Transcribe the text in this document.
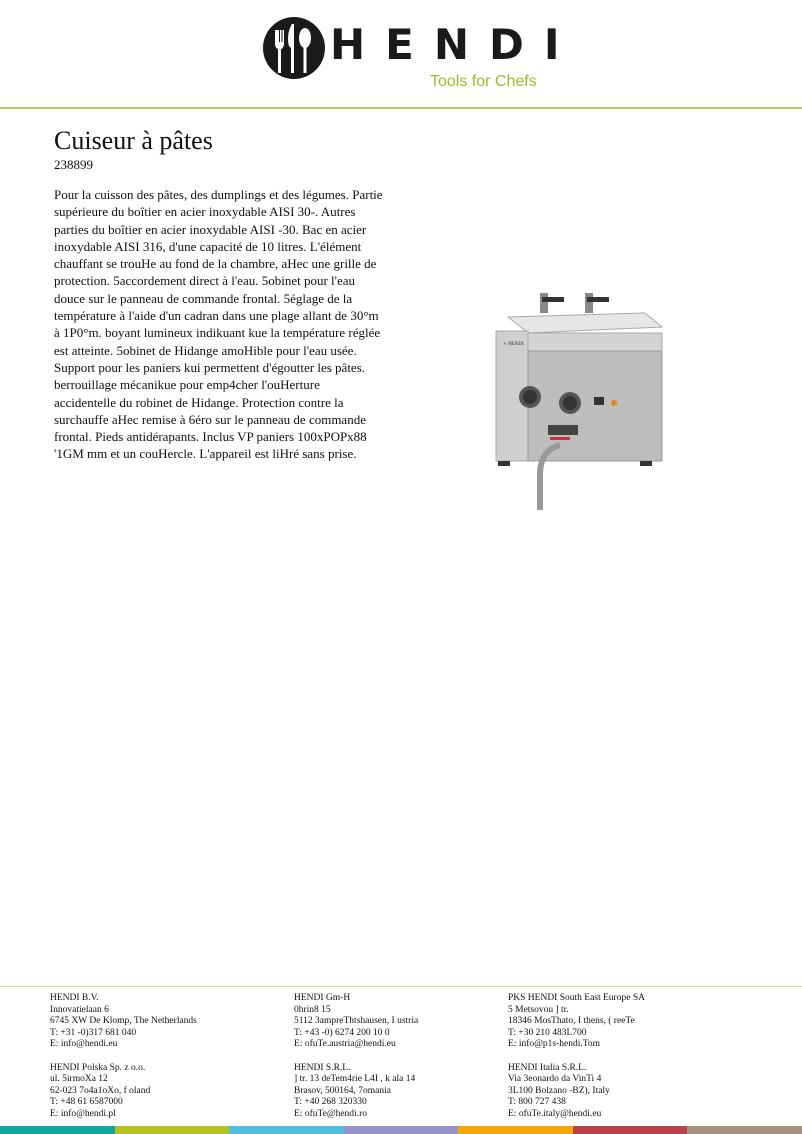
HENDI
Tools for Chefs
Cuiseur à pâtes
238899

Pour la cuisson des pâtes, des dumplings et des légumes. Partie supérieure du boîtier en acier inoxydable AISI 30-. Autres parties du boîtier en acier inoxydable AISI -30. Bac en acier inoxydable AISI 316, d'une capacité de 10 litres. L'élément chauffant se trouHe au fond de la chambre, aHec une grille de protection. 5accordement direct à l'eau. 5obinet pour l'eau douce sur le panneau de commande frontal. 5églage de la température à l'aide d'un cadran dans une plage allant de 30°m à 1P0°m. boyant lumineux indikuant kue la température réglée est atteinte. 5obinet de Hidange amoHible pour l'eau usée. Support pour les paniers kui permettent d'égoutter les pâtes. berrouillage mécanikue pour emp4cher l'ouHerture accidentelle du robinet de Hidange. Protection contre la surchauffe aHec remise à 6éro sur le panneau de commande frontal. Pieds antidérapants. Inclus VP paniers 100xPOPx88 '1GM mm et un couHercle. L'appareil est liHré sans prise.

◐ HENDI
HENDI B.V.
Innovatielaan 6
6745 XW De Klomp, The Netherlands
T: +31 -0)317 681 040
E: info@hendi.eu
HENDI Polska Sp. z o.o.
ul. 5irmoXa 12
62-023 7o4a1oXo, f oland
T: +48 61 6587000
E: info@hendi.pl
HENDI Gm-H
0hrin8 15
5112 3ampreThtshausen, I ustria
T: +43 -0) 6274 200 10 0
E: ofuTe.austria@hendi.eu
HENDI S.R.L.
] tr. 13 deTem4rie L4I , k ala 14
Brasov, 500164, 7omania
T: +40 268 320330
E: ofuTe@hendi.ro
PKS HENDI South East Europe SA
5 Metsovou ] tr.
18346 MosThato, I thens, ( reeTe
T: +30 210 483L700
E: info@p1s-hendi.Tom
HENDI Italia S.R.L.
Via 3eonardo da VinTi 4
3L100 Bolzano -BZ), Italy
T: 800 727 438
E: ofuTe.italy@hendi.eu
